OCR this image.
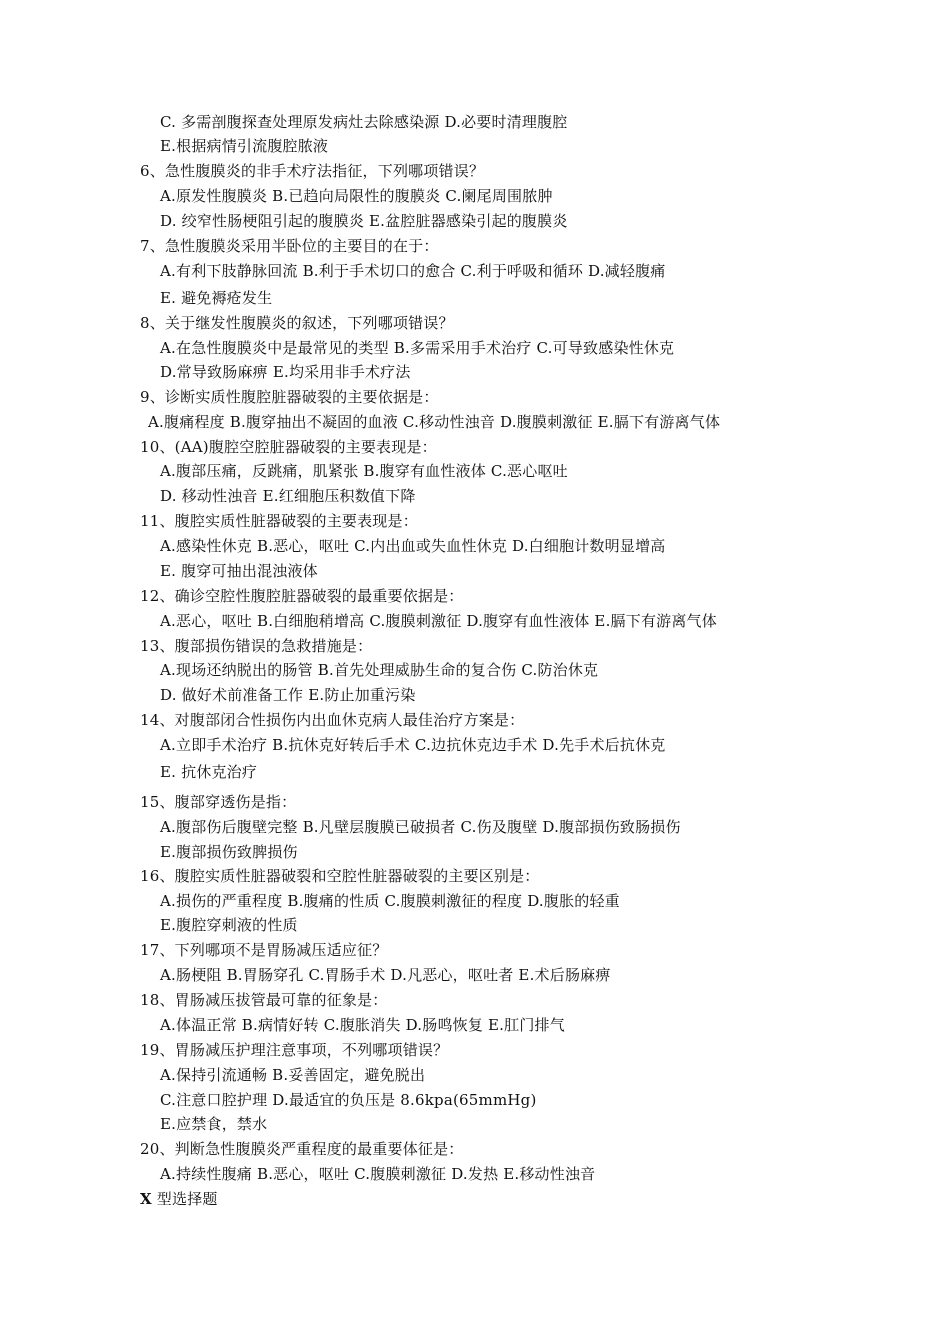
C. 多需剖腹探查处理原发病灶去除感染源 D.必要时清理腹腔
E.根据病情引流腹腔脓液
6、急性腹膜炎的非手术疗法指征，下列哪项错误？
A.原发性腹膜炎 B.已趋向局限性的腹膜炎 C.阑尾周围脓肿
D. 绞窄性肠梗阻引起的腹膜炎 E.盆腔脏器感染引起的腹膜炎
7、急性腹膜炎采用半卧位的主要目的在于：
A.有利下肢静脉回流 B.利于手术切口的愈合 C.利于呼吸和循环 D.减轻腹痛
E. 避免褥疮发生
8、关于继发性腹膜炎的叙述，下列哪项错误？
A.在急性腹膜炎中是最常见的类型 B.多需采用手术治疗 C.可导致感染性休克
D.常导致肠麻痹 E.均采用非手术疗法
9、诊断实质性腹腔脏器破裂的主要依据是：
A.腹痛程度 B.腹穿抽出不凝固的血液 C.移动性浊音 D.腹膜刺激征 E.膈下有游离气体
10、(AA)腹腔空腔脏器破裂的主要表现是：
A.腹部压痛，反跳痛，肌紧张 B.腹穿有血性液体 C.恶心呕吐
D. 移动性浊音 E.红细胞压积数值下降
11、腹腔实质性脏器破裂的主要表现是：
A.感染性休克 B.恶心，呕吐 C.内出血或失血性休克 D.白细胞计数明显增高
E. 腹穿可抽出混浊液体
12、确诊空腔性腹腔脏器破裂的最重要依据是：
A.恶心，呕吐 B.白细胞稍增高 C.腹膜刺激征 D.腹穿有血性液体 E.膈下有游离气体
13、腹部损伤错误的急救措施是：
A.现场还纳脱出的肠管 B.首先处理威胁生命的复合伤 C.防治休克
D. 做好术前准备工作 E.防止加重污染
14、对腹部闭合性损伤内出血休克病人最佳治疗方案是：
A.立即手术治疗 B.抗休克好转后手术 C.边抗休克边手术 D.先手术后抗休克
E. 抗休克治疗
15、腹部穿透伤是指：
A.腹部伤后腹壁完整 B.凡壁层腹膜已破损者 C.伤及腹壁 D.腹部损伤致肠损伤
E.腹部损伤致脾损伤
16、腹腔实质性脏器破裂和空腔性脏器破裂的主要区别是：
A.损伤的严重程度 B.腹痛的性质 C.腹膜刺激征的程度 D.腹胀的轻重
E.腹腔穿刺液的性质
17、下列哪项不是胃肠减压适应征？
A.肠梗阻 B.胃肠穿孔 C.胃肠手术 D.凡恶心，呕吐者 E.术后肠麻痹
18、胃肠减压拔管最可靠的征象是：
A.体温正常 B.病情好转 C.腹胀消失 D.肠鸣恢复 E.肛门排气
19、胃肠减压护理注意事项，不列哪项错误？
A.保持引流通畅 B.妥善固定，避免脱出
C.注意口腔护理 D.最适宜的负压是 8.6kpa(65mmHg)
E.应禁食，禁水
20、判断急性腹膜炎严重程度的最重要体征是：
A.持续性腹痛 B.恶心，呕吐 C.腹膜刺激征 D.发热 E.移动性浊音
X 型选择题
